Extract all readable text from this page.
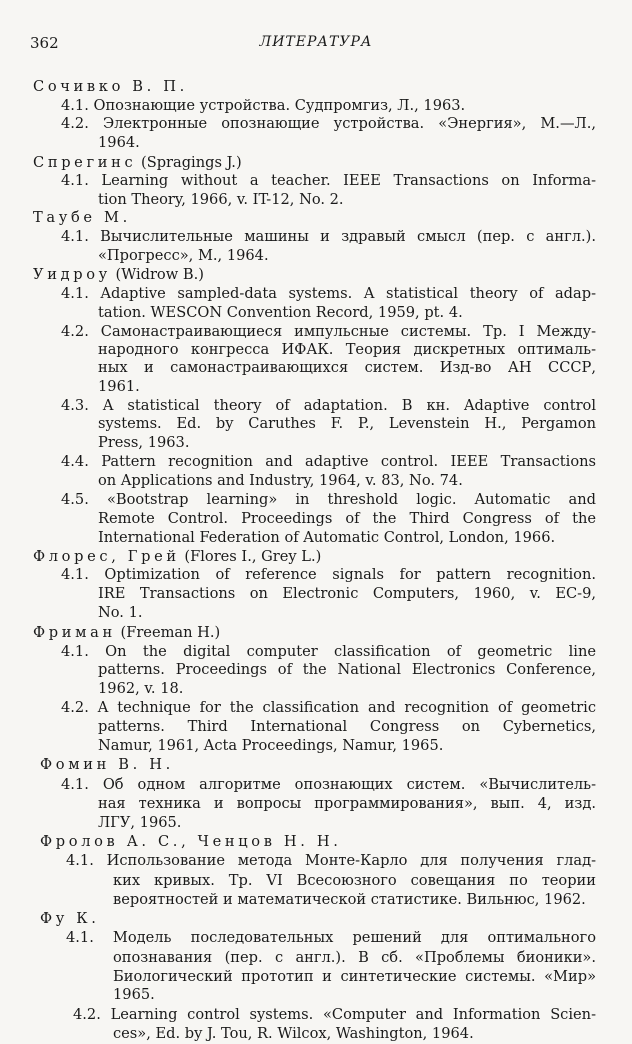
362	ЛИТЕРАТУРА
Сочивко В. П.
4.1. Опознающие устройства. Судпромгиз, Л., 1963.
4.2. Электронные опознающие устройства. «Энергия», М.—Л.,
1964.
Спрегинс (Spragings J.)
4.1. Learning without a teacher. IEEE Transactions on Informa-
tion Theory, 1966, v. IT-12, No. 2.
Таубе М.
4.1. Вычислительные машины и здравый смысл (пер. с англ.).
«Прогресс», М., 1964.
Уидроу (Widrow B.)
4.1. Adaptive sampled-data systems. A statistical theory of adap-
tation. WESCON Convention Record, 1959, pt. 4.
4.2. Самонастраивающиеся импульсные системы. Тр. I Между-
народного конгресса ИФАК. Теория дискретных оптималь-
ных и самонастраивающихся систем. Изд-во АН СССР,
1961.
4.3. A statistical theory of adaptation. В кн. Adaptive control
systems. Ed. by Caruthes F. P., Levenstein H., Pergamon
Press, 1963.
4.4. Pattern recognition and adaptive control. IEEE Transactions
on Applications and Industry, 1964, v. 83, No. 74.
4.5. «Bootstrap learning» in threshold logic. Automatic and
Remote Control. Proceedings of the Third Congress of the
International Federation of Automatic Control, London, 1966.
Флорес, Грей (Flores I., Grey L.)
4.1. Optimization of reference signals for pattern recognition.
IRE Transactions on Electronic Computers, 1960, v. EC-9,
No. 1.
Фриман (Freeman H.)
4.1. On the digital computer classification of geometric line
patterns. Proceedings of the National Electronics Conference,
1962, v. 18.
4.2. A technique for the classification and recognition of geometric
patterns. Third International Congress on Cybernetics,
Namur, 1961, Acta Proceedings, Namur, 1965.
Фомин В. Н.
4.1. Об одном алгоритме опознающих систем. «Вычислитель-
ная техника и вопросы программирования», вып. 4, изд.
ЛГУ, 1965.
Фролов А. С., Ченцов Н. Н.
4.1. Использование метода Монте-Карло для получения глад-
ких кривых. Тр. VI Всесоюзного совещания по теории
вероятностей и математической статистике. Вильнюс, 1962.
Фу К.
4.1. Модель последовательных решений для оптимального
опознавания (пер. с англ.). В сб. «Проблемы бионики».
Биологический прототип и синтетические системы. «Мир»
1965.
4.2. Learning control systems. «Computer and Information Scien-
ces», Ed. by J. Tou, R. Wilcox, Washington, 1964.
